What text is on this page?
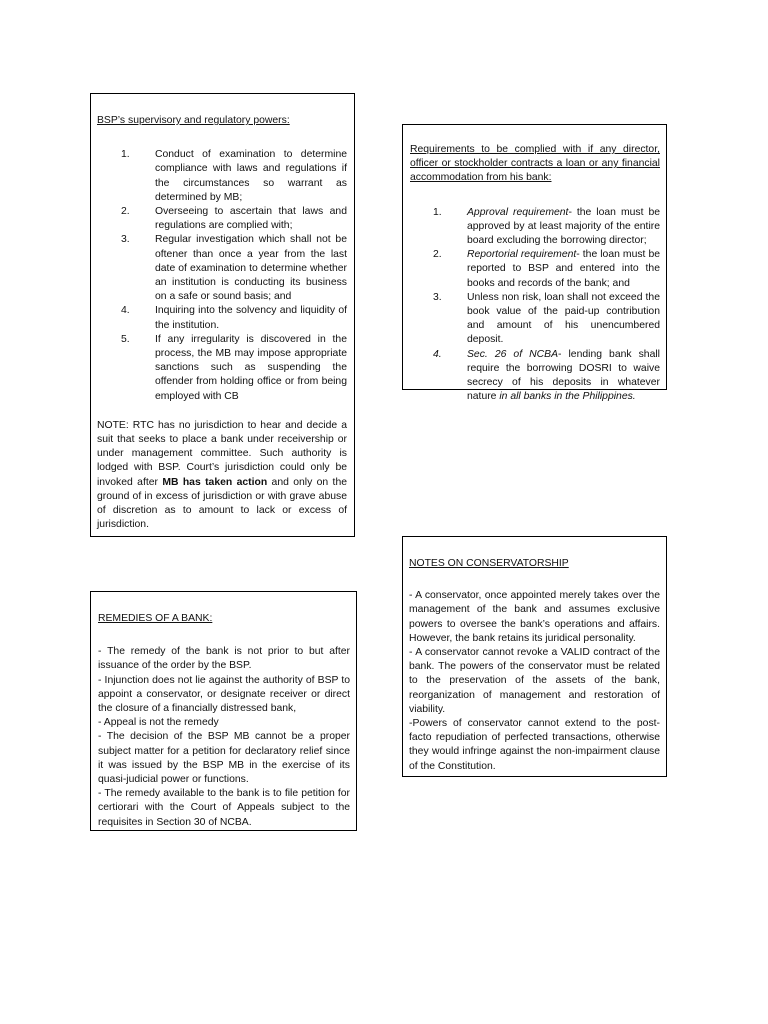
BSP’s supervisory and regulatory powers:

1.	Conduct of examination to determine compliance with laws and regulations if the circumstances so warrant as determined by MB;
2.	Overseeing to ascertain that laws and regulations are complied with;
3.	Regular investigation which shall not be oftener than once a year from the last date of examination to determine whether an institution is conducting its business on a safe or sound basis; and
4.	Inquiring into the solvency and liquidity of the institution.
5.	If any irregularity is discovered in the process, the MB may impose appropriate sanctions such as suspending the offender from holding office or from being employed with CB

NOTE: RTC has no jurisdiction to hear and decide a suit that seeks to place a bank under receivership or under management committee. Such authority is lodged with BSP. Court’s jurisdiction could only be invoked after MB has taken action and only on the ground of in excess of jurisdiction or with grave abuse of discretion as to amount to lack or excess of jurisdiction.

Requirements to be complied with if any director, officer or stockholder contracts a loan or any financial accommodation from his bank:

1.	Approval requirement- the loan must be approved by at least majority of the entire board excluding the borrowing director;
2.	Reportorial requirement- the loan must be reported to BSP and entered into the books and records of the bank; and
3.	Unless non risk, loan shall not exceed the book value of the paid-up contribution and amount of his unencumbered deposit.
4.	Sec. 26 of NCBA- lending bank shall require the borrowing DOSRI to waive secrecy of his deposits in whatever nature in all banks in the Philippines.

REMEDIES OF A BANK:

- The remedy of the bank is not prior to but after issuance of the order by the BSP.

- Injunction does not lie against the authority of BSP to appoint a conservator, or designate receiver or direct the closure of a financially distressed bank,

- Appeal is not the remedy

- The decision of the BSP MB cannot be a proper subject matter for a petition for declaratory relief since it was issued by the BSP MB in the exercise of its quasi-judicial power or functions.

- The remedy available to the bank is to file petition for certiorari with the Court of Appeals subject to the requisites in Section 30 of NCBA.

NOTES ON CONSERVATORSHIP

- A conservator, once appointed merely takes over the management of the bank and assumes exclusive powers to oversee the bank’s operations and affairs. However, the bank retains its juridical personality.

- A conservator cannot revoke a VALID contract of the bank. The powers of the conservator must be related to the preservation of the assets of the bank, reorganization of management and restoration of viability.

-Powers of conservator cannot extend to the post-facto repudiation of perfected transactions, otherwise they would infringe against the non-impairment clause of the Constitution.
